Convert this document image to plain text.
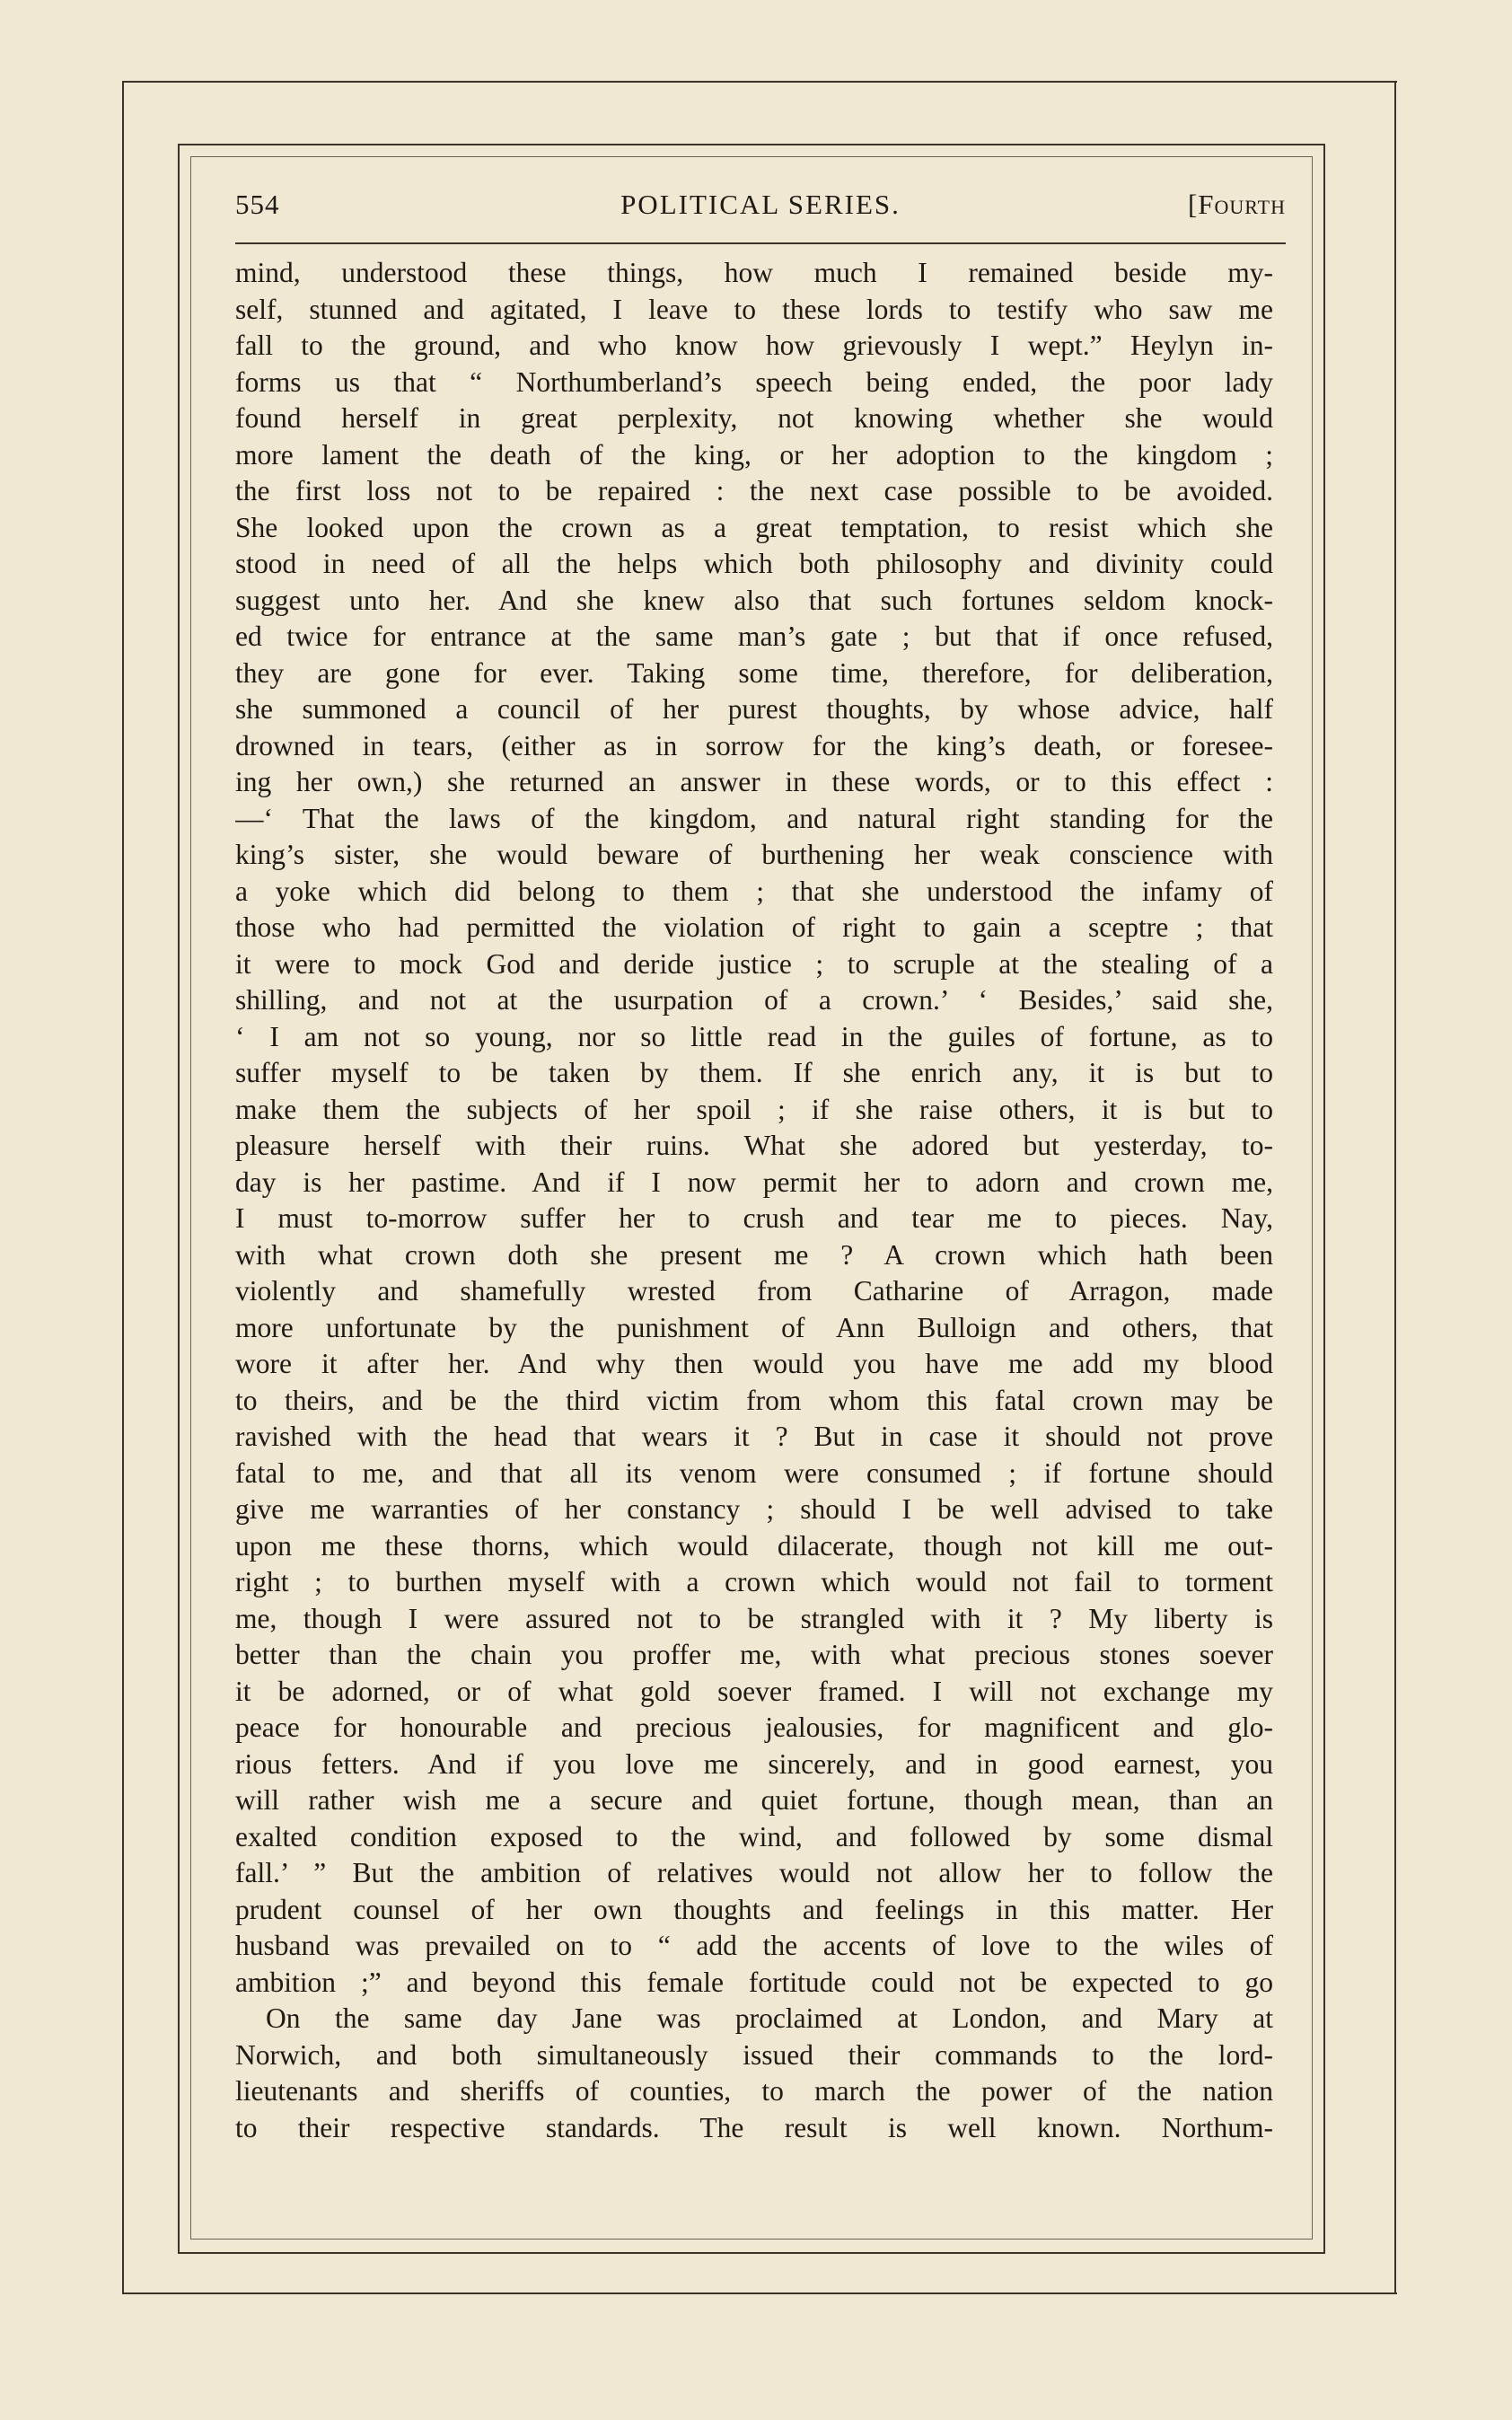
554	POLITICAL SERIES.	[Fourth
mind, understood these things, how much I remained beside my-
self, stunned and agitated, I leave to these lords to testify who saw me
fall to the ground, and who know how grievously I wept.” Heylyn in-
forms us that “ Northumberland’s speech being ended, the poor lady
found herself in great perplexity, not knowing whether she would
more lament the death of the king, or her adoption to the kingdom ;
the first loss not to be repaired : the next case possible to be avoided.
She looked upon the crown as a great temptation, to resist which she
stood in need of all the helps which both philosophy and divinity could
suggest unto her. And she knew also that such fortunes seldom knock-
ed twice for entrance at the same man’s gate ; but that if once refused,
they are gone for ever. Taking some time, therefore, for deliberation,
she summoned a council of her purest thoughts, by whose advice, half
drowned in tears, (either as in sorrow for the king’s death, or foresee-
ing her own,) she returned an answer in these words, or to this effect :
—‘ That the laws of the kingdom, and natural right standing for the
king’s sister, she would beware of burthening her weak conscience with
a yoke which did belong to them ; that she understood the infamy of
those who had permitted the violation of right to gain a sceptre ; that
it were to mock God and deride justice ; to scruple at the stealing of a
shilling, and not at the usurpation of a crown.’ ‘ Besides,’ said she,
‘ I am not so young, nor so little read in the guiles of fortune, as to
suffer myself to be taken by them. If she enrich any, it is but to
make them the subjects of her spoil ; if she raise others, it is but to
pleasure herself with their ruins. What she adored but yesterday, to-
day is her pastime. And if I now permit her to adorn and crown me,
I must to-morrow suffer her to crush and tear me to pieces. Nay,
with what crown doth she present me ? A crown which hath been
violently and shamefully wrested from Catharine of Arragon, made
more unfortunate by the punishment of Ann Bulloign and others, that
wore it after her. And why then would you have me add my blood
to theirs, and be the third victim from whom this fatal crown may be
ravished with the head that wears it ? But in case it should not prove
fatal to me, and that all its venom were consumed ; if fortune should
give me warranties of her constancy ; should I be well advised to take
upon me these thorns, which would dilacerate, though not kill me out-
right ; to burthen myself with a crown which would not fail to torment
me, though I were assured not to be strangled with it ? My liberty is
better than the chain you proffer me, with what precious stones soever
it be adorned, or of what gold soever framed. I will not exchange my
peace for honourable and precious jealousies, for magnificent and glo-
rious fetters. And if you love me sincerely, and in good earnest, you
will rather wish me a secure and quiet fortune, though mean, than an
exalted condition exposed to the wind, and followed by some dismal
fall.’ ” But the ambition of relatives would not allow her to follow the
prudent counsel of her own thoughts and feelings in this matter. Her
husband was prevailed on to “ add the accents of love to the wiles of
ambition ;” and beyond this female fortitude could not be expected to go
On the same day Jane was proclaimed at London, and Mary at
Norwich, and both simultaneously issued their commands to the lord-
lieutenants and sheriffs of counties, to march the power of the nation
to their respective standards. The result is well known. Northum-
